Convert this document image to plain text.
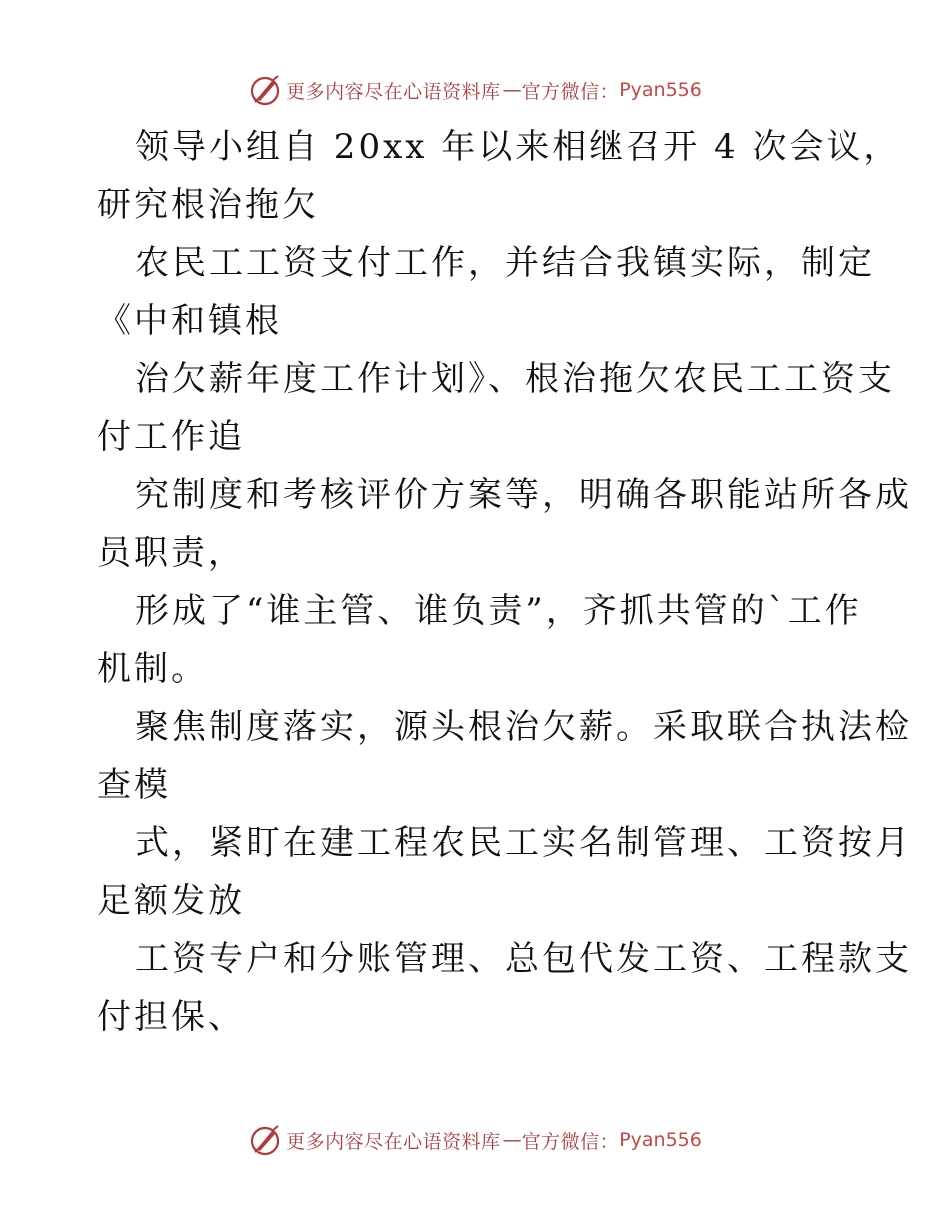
更多内容尽在心语资料库 — 官方微信： Pyan556
领导小组自 20xx 年以来相继召开 4 次会议，
研究根治拖欠
农民工工资支付工作，并结合我镇实际，制定
《中和镇根
治欠薪年度工作计划》、根治拖欠农民工工资支
付工作追
究制度和考核评价方案等，明确各职能站所各成
员职责，
形成了“谁主管、谁负责”，齐抓共管的`工作
机制。
聚焦制度落实，源头根治欠薪。采取联合执法检
查模
式，紧盯在建工程农民工实名制管理、工资按月
足额发放
工资专户和分账管理、总包代发工资、工程款支
付担保、
更多内容尽在心语资料库 — 官方微信： Pyan556
